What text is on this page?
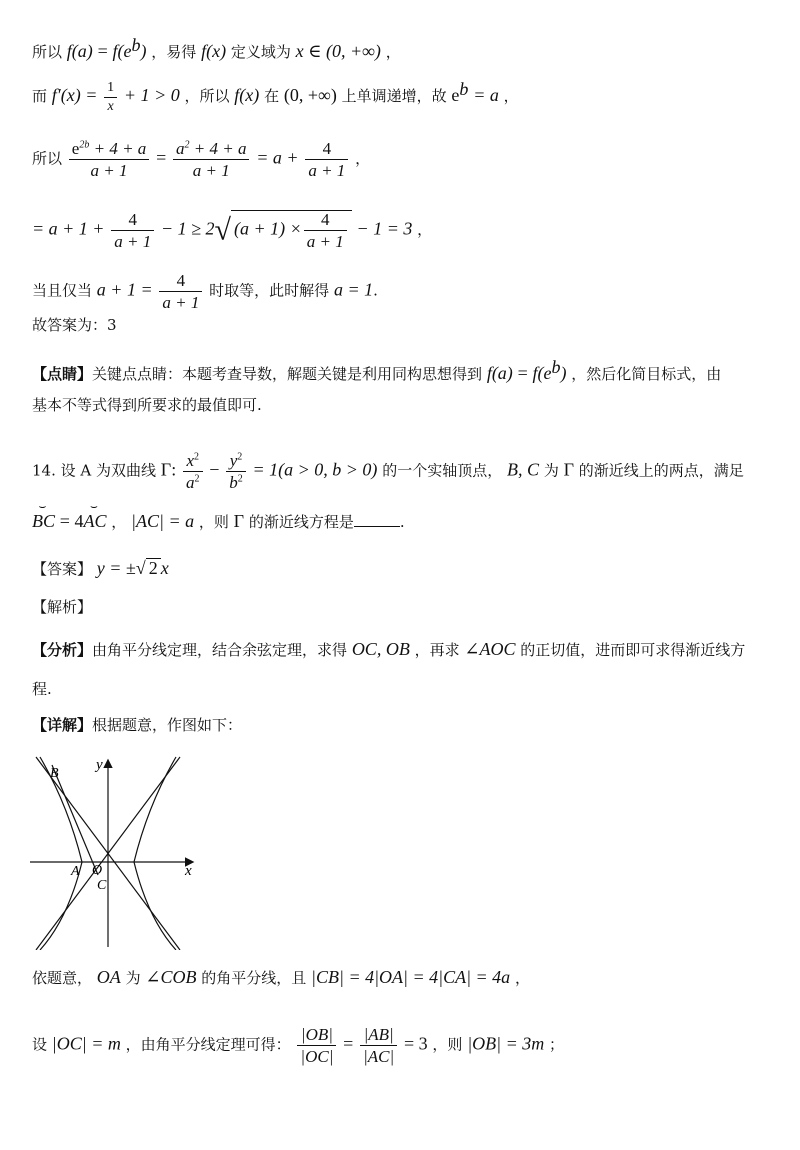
所以 $f(a) = f(e^b)$ ，易得 f(x) 定义域为 x ∈ (0, +∞) ，
而 $f'(x) = \frac{1}{x} + 1 > 0$ ，所以 f(x) 在 (0, +∞) 上单调递增，故 $e^b = a$ ，
所以 $\frac{e^{2b} + 4 + a}{a + 1} = \frac{a^2 + 4 + a}{a + 1} = a + \frac{4}{a + 1}$ ，
= $a + 1 + \frac{4}{a + 1} - 1 \ge 2√$ $(a + 1) \times \frac{4}{a + 1} - 1 = 3$ ，
当且仅当 $a + 1 = \frac{4}{a + 1}$ 时取等，此时解得 a = 1.
故答案为：3
【点睛】关键点点睛：本题考查导数，解题关键是利用同构思想得到 $f(a) = f(e^b)$ ，然后化简目标式，由
基本不等式得到所要求的最值即可.
14. 设 A 为双曲线 Γ: $\frac{x^2}{a^2} - \frac{y^2}{b^2} = 1(a > 0$, b > 0) 的一个实轴顶点， B, C 为 Γ 的渐近线上的两点，满足
⌣ BC = 4⌣ AC ， |AC| = a ，则 Γ 的渐近线方程是	.
【答案】 y = ±√ 2 x
【解析】
【分析】由角平分线定理，结合余弦定理，求得 OC, OB ，再求 ∠AOC 的正切值，进而即可求得渐近线方
程.
【详解】根据题意，作图如下：
y
x
B
A O
C
依题意， OA 为 ∠COB 的角平分线，且 |CB| = 4|OA| = 4|CA| = 4a ，
设 |OC| = m ，由角平分线定理可得： $\frac{|OB|}{|OC|} = \frac{|AB|}{|AC|} = 3$ ，则 |OB| = 3m ；
